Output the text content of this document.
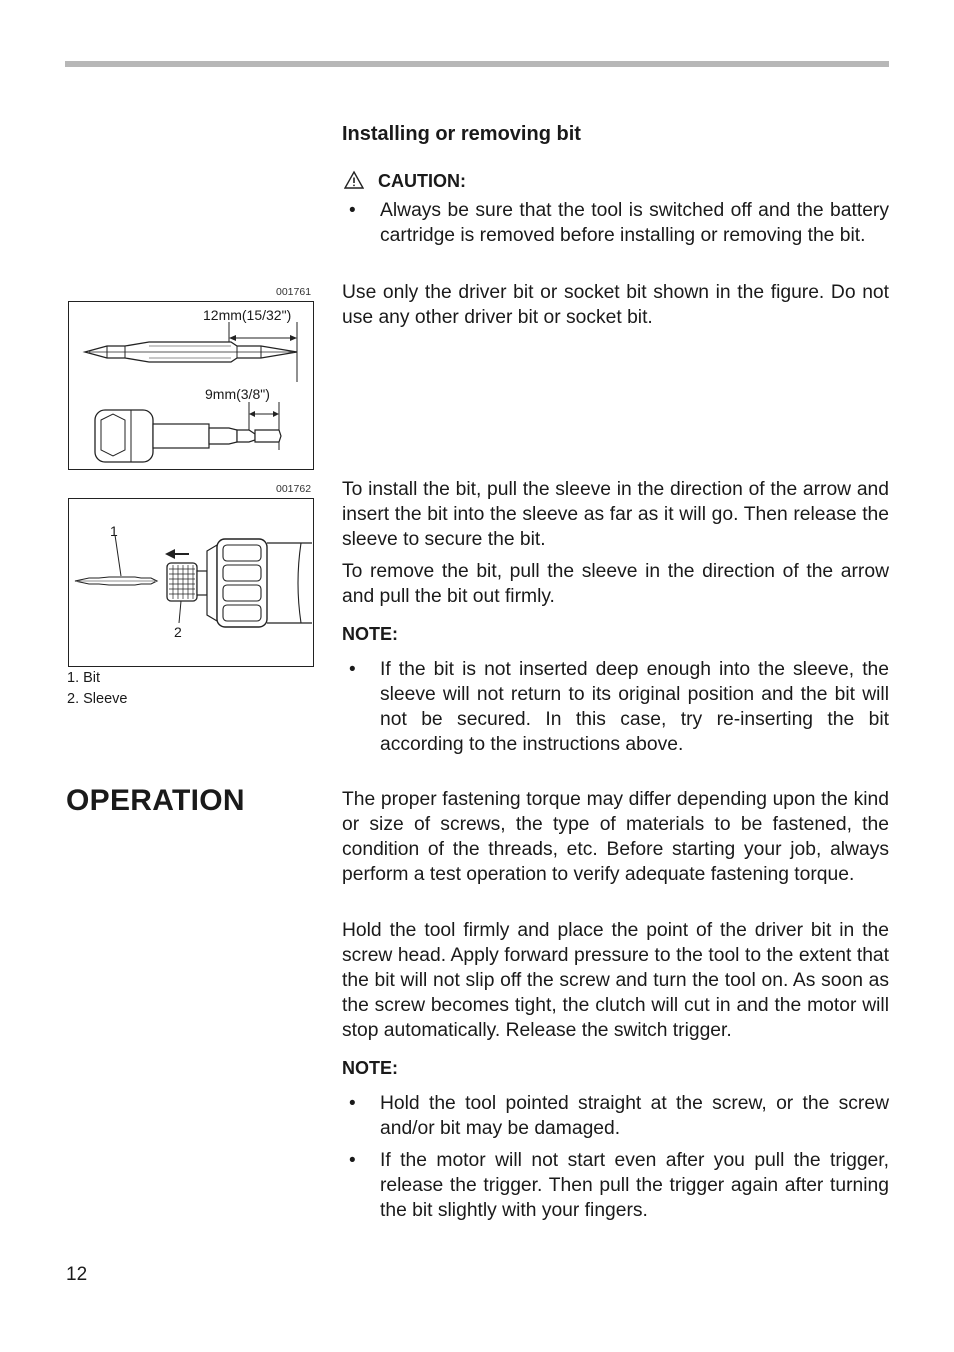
Installing or removing bit
CAUTION:
• Always be sure that the tool is switched off and the battery cartridge is removed before installing or removing the bit.

Use only the driver bit or socket bit shown in the figure. Do not use any other driver bit or socket bit.

001761
12mm(15/32")
9mm(3/8")
001762
1
2
1. Bit
2. Sleeve

To install the bit, pull the sleeve in the direction of the arrow and insert the bit into the sleeve as far as it will go. Then release the sleeve to secure the bit.

To remove the bit, pull the sleeve in the direction of the arrow and pull the bit out firmly.

NOTE:
• If the bit is not inserted deep enough into the sleeve, the sleeve will not return to its original position and the bit will not be secured. In this case, try re-inserting the bit according to the instructions above.

OPERATION	The proper fastening torque may differ depending upon the kind or size of screws, the type of materials to be fastened, the condition of the threads, etc. Before starting your job, always perform a test operation to verify adequate fastening torque.

Hold the tool firmly and place the point of the driver bit in the screw head. Apply forward pressure to the tool to the extent that the bit will not slip off the screw and turn the tool on. As soon as the screw becomes tight, the clutch will cut in and the motor will stop automatically. Release the switch trigger.

NOTE:
• Hold the tool pointed straight at the screw, or the screw and/or bit may be damaged.

• If the motor will not start even after you pull the trigger, release the trigger. Then pull the trigger again after turning the bit slightly with your fingers.

12
